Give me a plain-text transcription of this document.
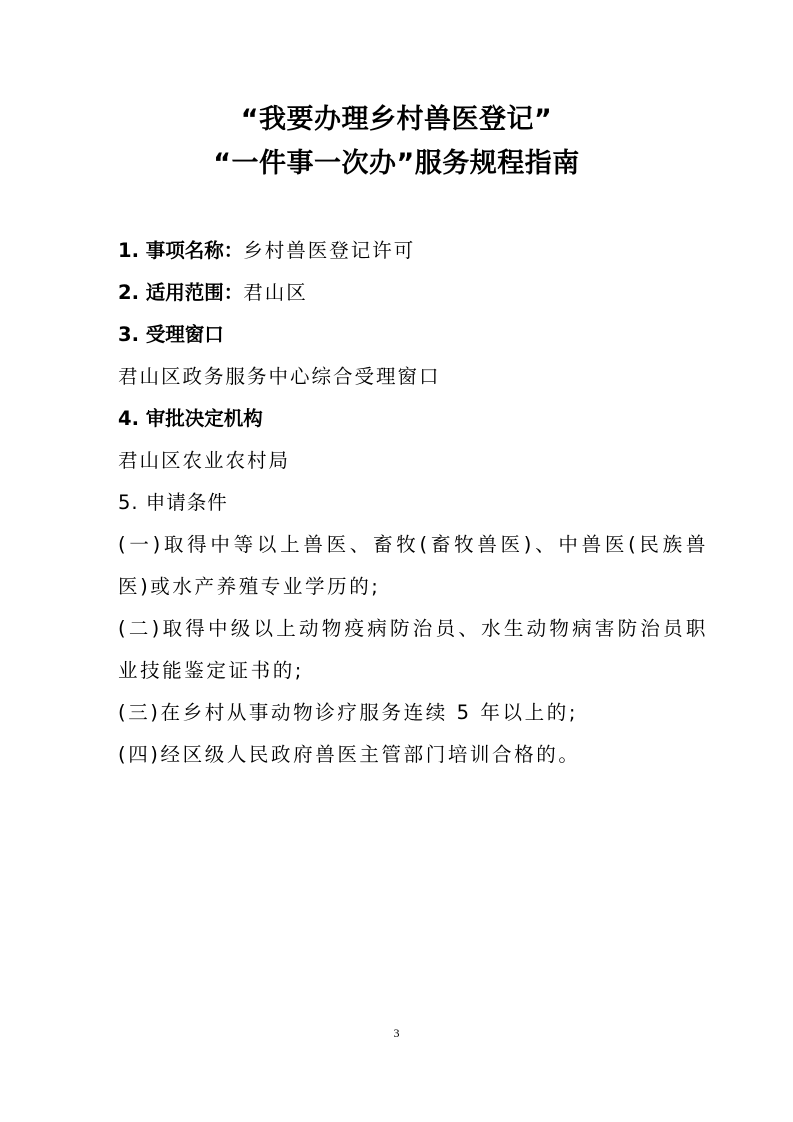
“我要办理乡村兽医登记”
“一件事一次办”服务规程指南
1. 事项名称：乡村兽医登记许可
2. 适用范围：君山区
3. 受理窗口
君山区政务服务中心综合受理窗口
4. 审批决定机构
君山区农业农村局
5. 申请条件
(一)取得中等以上兽医、畜牧(畜牧兽医)、中兽医(民族兽医)或水产养殖专业学历的;
(二)取得中级以上动物疫病防治员、水生动物病害防治员职业技能鉴定证书的;
(三)在乡村从事动物诊疗服务连续 5 年以上的;
(四)经区级人民政府兽医主管部门培训合格的。
3
